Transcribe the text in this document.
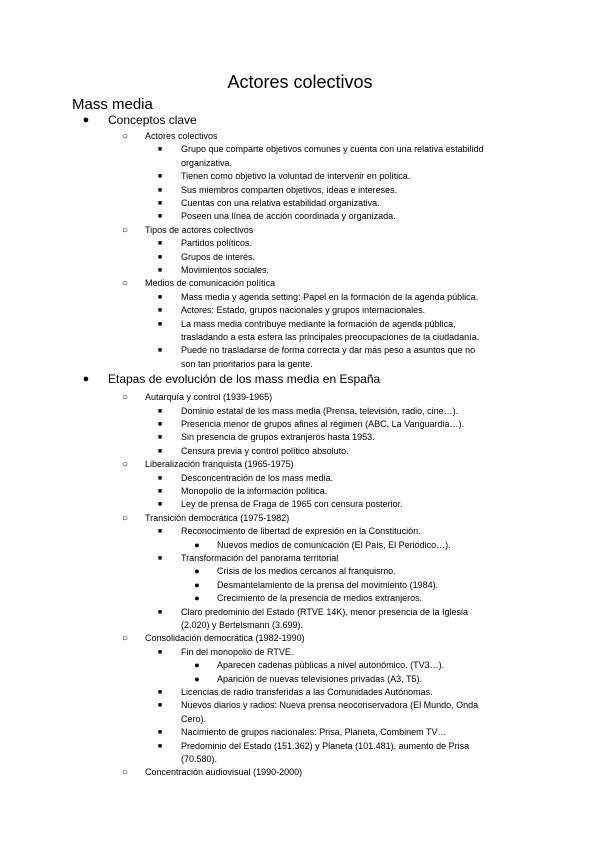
Actores colectivos
Mass media
Conceptos clave
●
Actores colectivos
○
Grupo que comparte objetivos comunes y cuenta con una relativa estabilidd
■
organizativa.
Tienen como objetivo la voluntad de intervenir en política.
■
Sus miembros comparten objetivos, ideas e intereses.
■
Cuentas con una relativa estabilidad organizativa.
■
Poseen una línea de acción coordinada y organizada.
■
Tipos de actores colectivos
○
Partidos políticos.
■
Grupos de interés.
■
Movimientos sociales.
■
Medios de comunicación política
○
Mass media y agenda setting: Papel en la formación de la agenda pública.
■
Actores: Estado, grupos nacionales y grupos internacionales.
■
La mass media contribuye mediante la formación de agenda pública,
■
trasladando a esta esfera las principales preocupaciones de la ciudadanía.
Puede no trasladarse de forma correcta y dar más peso a asuntos que no
■
son tan prioritarios para la gente.
Etapas de evolución de los mass media en España
●
Autarquía y control (1939-1965)
○
Dominio estatal de los mass media (Prensa, televisión, radio, cine…).
■
Presencia menor de grupos afines al régimen (ABC, La Vanguardia…).
■
Sin presencia de grupos extranjeros hasta 1953.
■
Censura previa y control político absoluto.
■
Liberalización franquista (1965-1975)
○
Desconcentración de los mass media.
■
Monopolio de la información política.
■
Ley de prensa de Fraga de 1965 con censura posterior.
■
Transición democrática (1975-1982)
○
Reconocimiento de libertad de expresión en la Constitución.
■
Nuevos medios de comunicación (El País, El Periódico…).
●
Transformación del panorama territorial
■
Crisis de los medios cercanos al franquismo.
●
Desmantelamiento de la prensa del movimiento (1984).
●
Crecimiento de la presencia de medios extranjeros.
●
Claro predominio del Estado (RTVE 14K), menor presencia de la Iglesia
■
(2.020) y Bertelsmann (3.699).
Consolidación democrática (1982-1990)
○
Fin del monopolio de RTVE.
■
Aparecen cadenas públicas a nivel autonómico. (TV3…).
●
Aparición de nuevas televisiones privadas (A3, T5).
●
Licencias de radio transferidas a las Comunidades Autónomas.
■
Nuevos diarios y radios: Nueva prensa neoconservadora (El Mundo, Onda
■
Cero).
Nacimiento de grupos nacionales: Prisa, Planeta, Combinem TV…
■
Predominio del Estado (151.362) y Planeta (101.481), aumento de Prisa
■
(70.580).
Concentración audiovisual (1990-2000)
○
